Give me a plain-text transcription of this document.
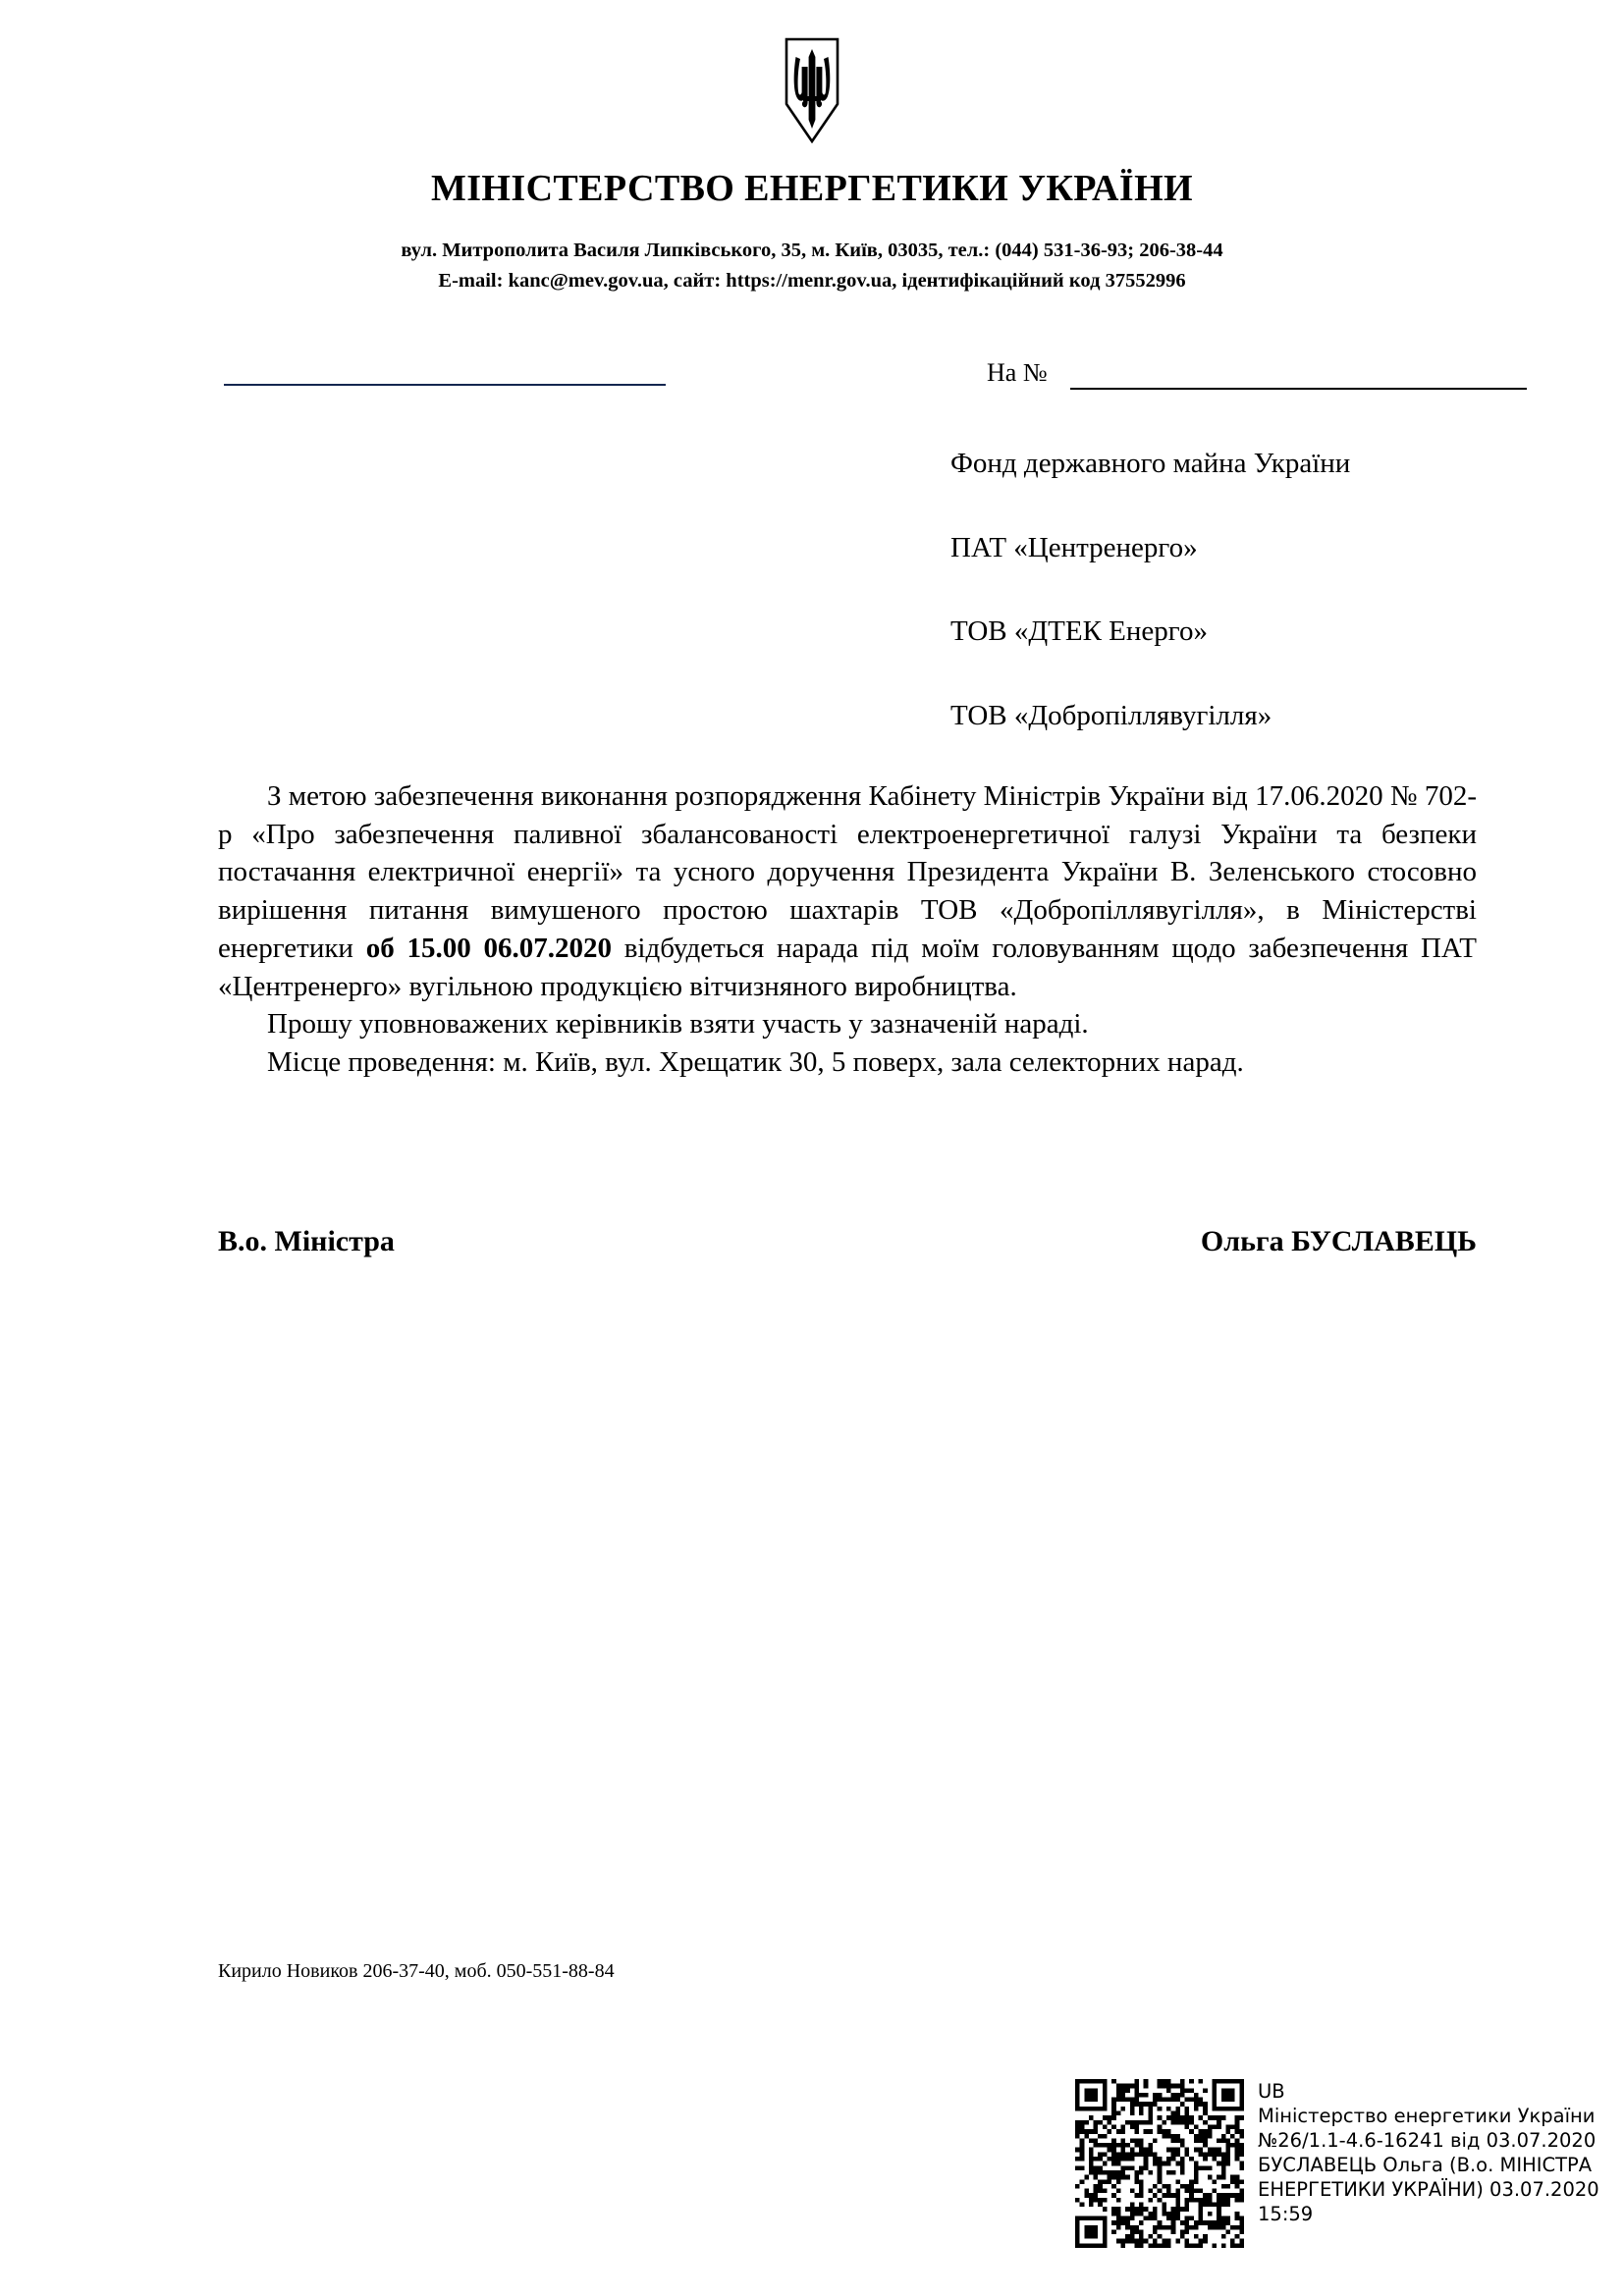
МІНІСТЕРСТВО ЕНЕРГЕТИКИ УКРАЇНИ
вул. Митрополита Василя Липківського, 35, м. Київ, 03035, тел.: (044) 531-36-93; 206-38-44
E-mail: kanc@mev.gov.ua, сайт: https://menr.gov.ua, ідентифікаційний код 37552996
На №
Фонд державного майна України
ПАТ «Центренерго»
ТОВ «ДТЕК Енерго»
ТОВ «Добропіллявугілля»

З метою забезпечення виконання розпорядження Кабінету Міністрів України від 17.06.2020 № 702-р «Про забезпечення паливної збалансованості електроенергетичної галузі України та безпеки постачання електричної енергії» та усного доручення Президента України В. Зеленського стосовно вирішення питання вимушеного простою шахтарів ТОВ «Добропіллявугілля», в Міністерстві енергетики об 15.00 06.07.2020 відбудеться нарада під моїм головуванням щодо забезпечення ПАТ «Центренерго» вугільною продукцією вітчизняного виробництва.

Прошу уповноважених керівників взяти участь у зазначеній нараді.

Місце проведення: м. Київ, вул. Хрещатик 30, 5 поверх, зала селекторних нарад.

В.о. Міністра	Ольга БУСЛАВЕЦЬ
Кирило Новиков 206-37-40, моб. 050-551-88-84
UB
Міністерство енергетики України
№26/1.1-4.6-16241 від 03.07.2020
БУСЛАВЕЦЬ Ольга (В.о. МІНІСТРА
ЕНЕРГЕТИКИ УКРАЇНИ) 03.07.2020
15:59
